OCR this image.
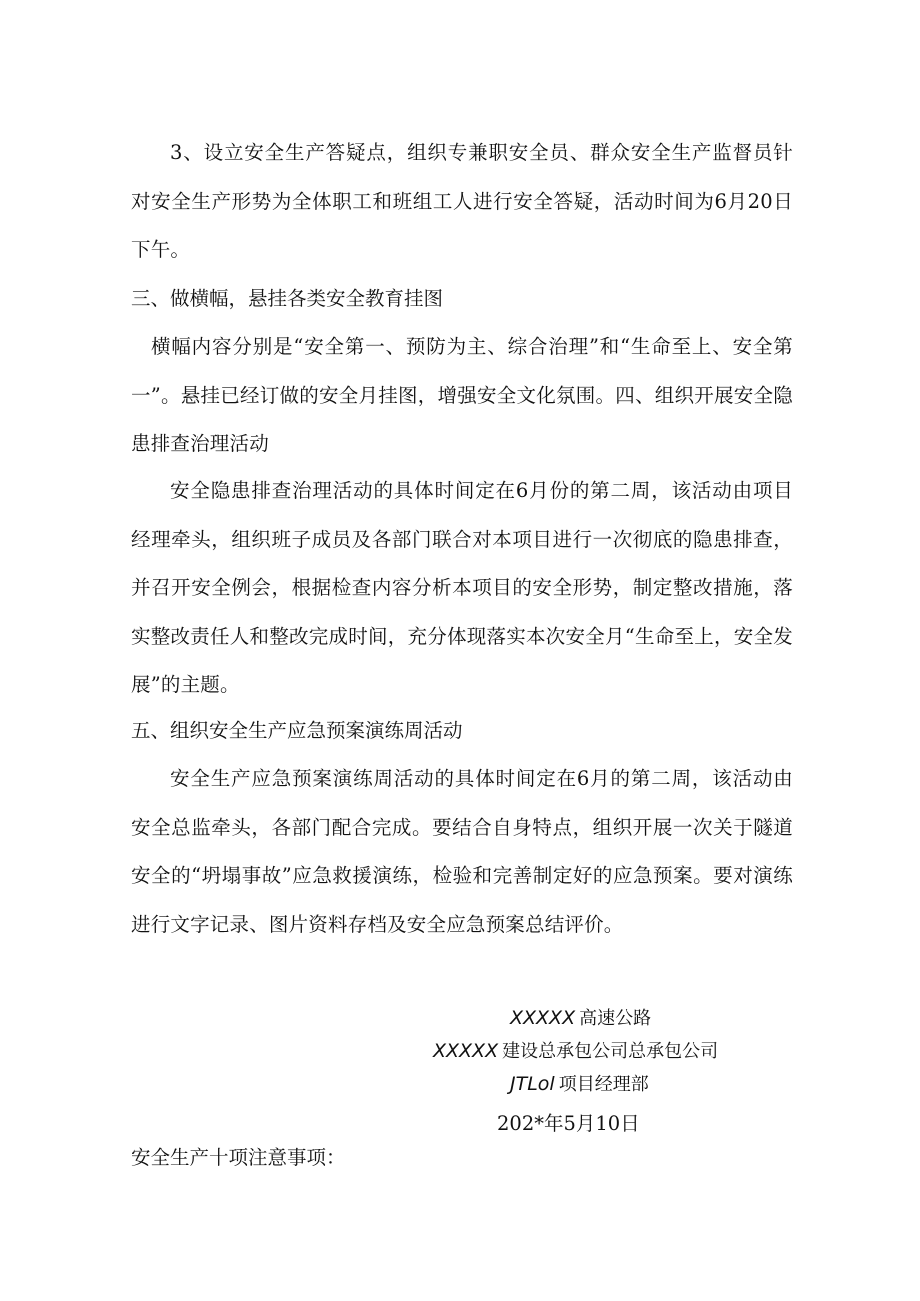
3、设立安全生产答疑点，组织专兼职安全员、群众安全生产监督员针对安全生产形势为全体职工和班组工人进行安全答疑，活动时间为6月20日下午。

三、做横幅，悬挂各类安全教育挂图

横幅内容分别是“安全第一、预防为主、综合治理”和“生命至上、安全第一”。悬挂已经订做的安全月挂图，增强安全文化氛围。四、组织开展安全隐患排查治理活动

安全隐患排查治理活动的具体时间定在6月份的第二周，该活动由项目经理牵头，组织班子成员及各部门联合对本项目进行一次彻底的隐患排查，并召开安全例会，根据检查内容分析本项目的安全形势，制定整改措施，落实整改责任人和整改完成时间，充分体现落实本次安全月“生命至上，安全发展”的主题。

五、组织安全生产应急预案演练周活动

安全生产应急预案演练周活动的具体时间定在6月的第二周，该活动由安全总监牵头，各部门配合完成。要结合自身特点，组织开展一次关于隧道安全的“坍塌事故”应急救援演练，检验和完善制定好的应急预案。要对演练进行文字记录、图片资料存档及安全应急预案总结评价。

XXXXX 高速公路
XXXXX 建设总承包公司总承包公司
JTLol 项目经理部
202*年5月10日

安全生产十项注意事项：
